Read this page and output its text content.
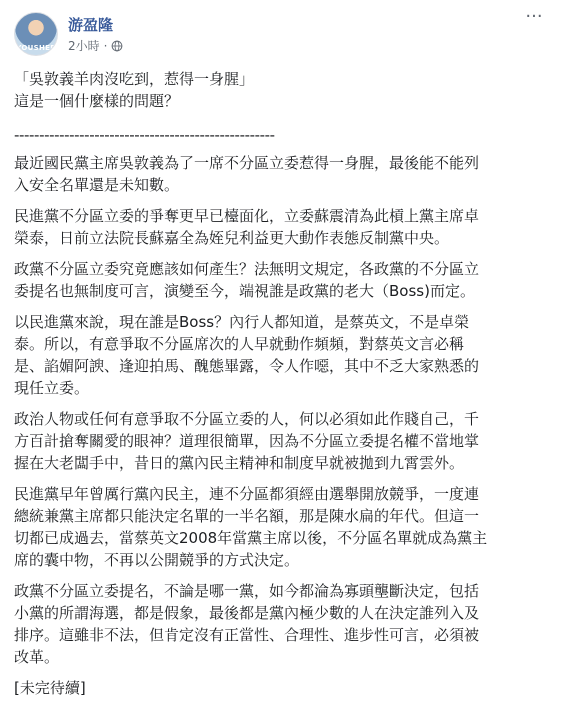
YOUSHEP
游盈隆
2小時 ·
···
「吳敦義羊肉沒吃到，惹得一身腥」
這是一個什麼樣的問題？
----------------------------------------------------
最近國民黨主席吳敦義為了一席不分區立委惹得一身腥，最後能不能列
入安全名單還是未知數。
民進黨不分區立委的爭奪更早已檯面化，立委蘇震清為此槓上黨主席卓
榮泰，日前立法院長蘇嘉全為姪兒利益更大動作表態反制黨中央。
政黨不分區立委究竟應該如何產生？法無明文規定，各政黨的不分區立
委提名也無制度可言，演變至今，端視誰是政黨的老大（Boss)而定。
以民進黨來說，現在誰是Boss？內行人都知道，是蔡英文，不是卓榮
泰。所以，有意爭取不分區席次的人早就動作頻頻，對蔡英文言必稱
是、諂媚阿諛、逢迎拍馬、醜態畢露，令人作噁，其中不乏大家熟悉的
現任立委。
政治人物或任何有意爭取不分區立委的人，何以必須如此作賤自己，千
方百計搶奪關愛的眼神？道理很簡單，因為不分區立委提名權不當地掌
握在大老闆手中，昔日的黨內民主精神和制度早就被拋到九霄雲外。
民進黨早年曾厲行黨內民主，連不分區都須經由選舉開放競爭，一度連
總統兼黨主席都只能決定名單的一半名額，那是陳水扁的年代。但這一
切都已成過去，當蔡英文2008年當黨主席以後，不分區名單就成為黨主
席的囊中物，不再以公開競爭的方式決定。
政黨不分區立委提名，不論是哪一黨，如今都淪為寡頭壟斷決定，包括
小黨的所謂海選，都是假象，最後都是黨內極少數的人在決定誰列入及
排序。這雖非不法，但肯定沒有正當性、合理性、進步性可言，必須被
改革。
[未完待續]
